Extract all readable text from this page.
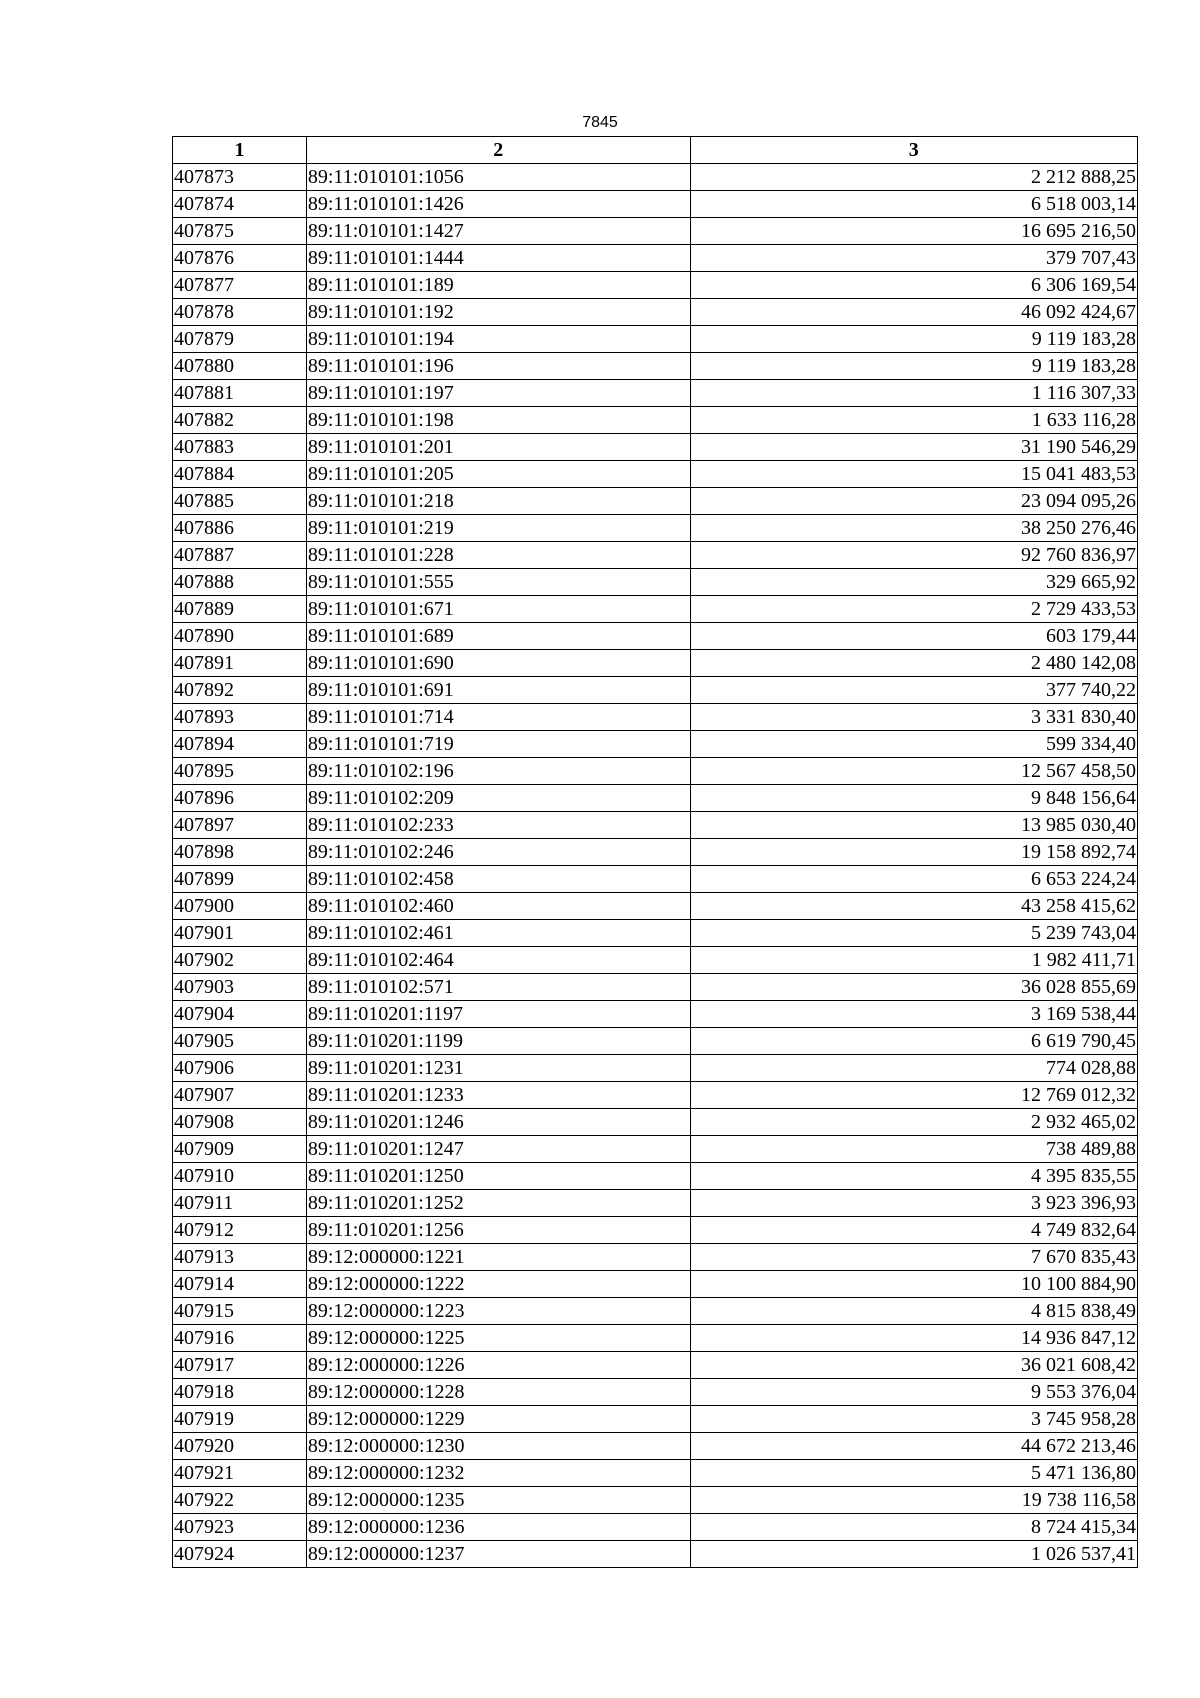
7845
1	2	3
407873	89:11:010101:1056	2 212 888,25
407874	89:11:010101:1426	6 518 003,14
407875	89:11:010101:1427	16 695 216,50
407876	89:11:010101:1444	379 707,43
407877	89:11:010101:189	6 306 169,54
407878	89:11:010101:192	46 092 424,67
407879	89:11:010101:194	9 119 183,28
407880	89:11:010101:196	9 119 183,28
407881	89:11:010101:197	1 116 307,33
407882	89:11:010101:198	1 633 116,28
407883	89:11:010101:201	31 190 546,29
407884	89:11:010101:205	15 041 483,53
407885	89:11:010101:218	23 094 095,26
407886	89:11:010101:219	38 250 276,46
407887	89:11:010101:228	92 760 836,97
407888	89:11:010101:555	329 665,92
407889	89:11:010101:671	2 729 433,53
407890	89:11:010101:689	603 179,44
407891	89:11:010101:690	2 480 142,08
407892	89:11:010101:691	377 740,22
407893	89:11:010101:714	3 331 830,40
407894	89:11:010101:719	599 334,40
407895	89:11:010102:196	12 567 458,50
407896	89:11:010102:209	9 848 156,64
407897	89:11:010102:233	13 985 030,40
407898	89:11:010102:246	19 158 892,74
407899	89:11:010102:458	6 653 224,24
407900	89:11:010102:460	43 258 415,62
407901	89:11:010102:461	5 239 743,04
407902	89:11:010102:464	1 982 411,71
407903	89:11:010102:571	36 028 855,69
407904	89:11:010201:1197	3 169 538,44
407905	89:11:010201:1199	6 619 790,45
407906	89:11:010201:1231	774 028,88
407907	89:11:010201:1233	12 769 012,32
407908	89:11:010201:1246	2 932 465,02
407909	89:11:010201:1247	738 489,88
407910	89:11:010201:1250	4 395 835,55
407911	89:11:010201:1252	3 923 396,93
407912	89:11:010201:1256	4 749 832,64
407913	89:12:000000:1221	7 670 835,43
407914	89:12:000000:1222	10 100 884,90
407915	89:12:000000:1223	4 815 838,49
407916	89:12:000000:1225	14 936 847,12
407917	89:12:000000:1226	36 021 608,42
407918	89:12:000000:1228	9 553 376,04
407919	89:12:000000:1229	3 745 958,28
407920	89:12:000000:1230	44 672 213,46
407921	89:12:000000:1232	5 471 136,80
407922	89:12:000000:1235	19 738 116,58
407923	89:12:000000:1236	8 724 415,34
407924	89:12:000000:1237	1 026 537,41
